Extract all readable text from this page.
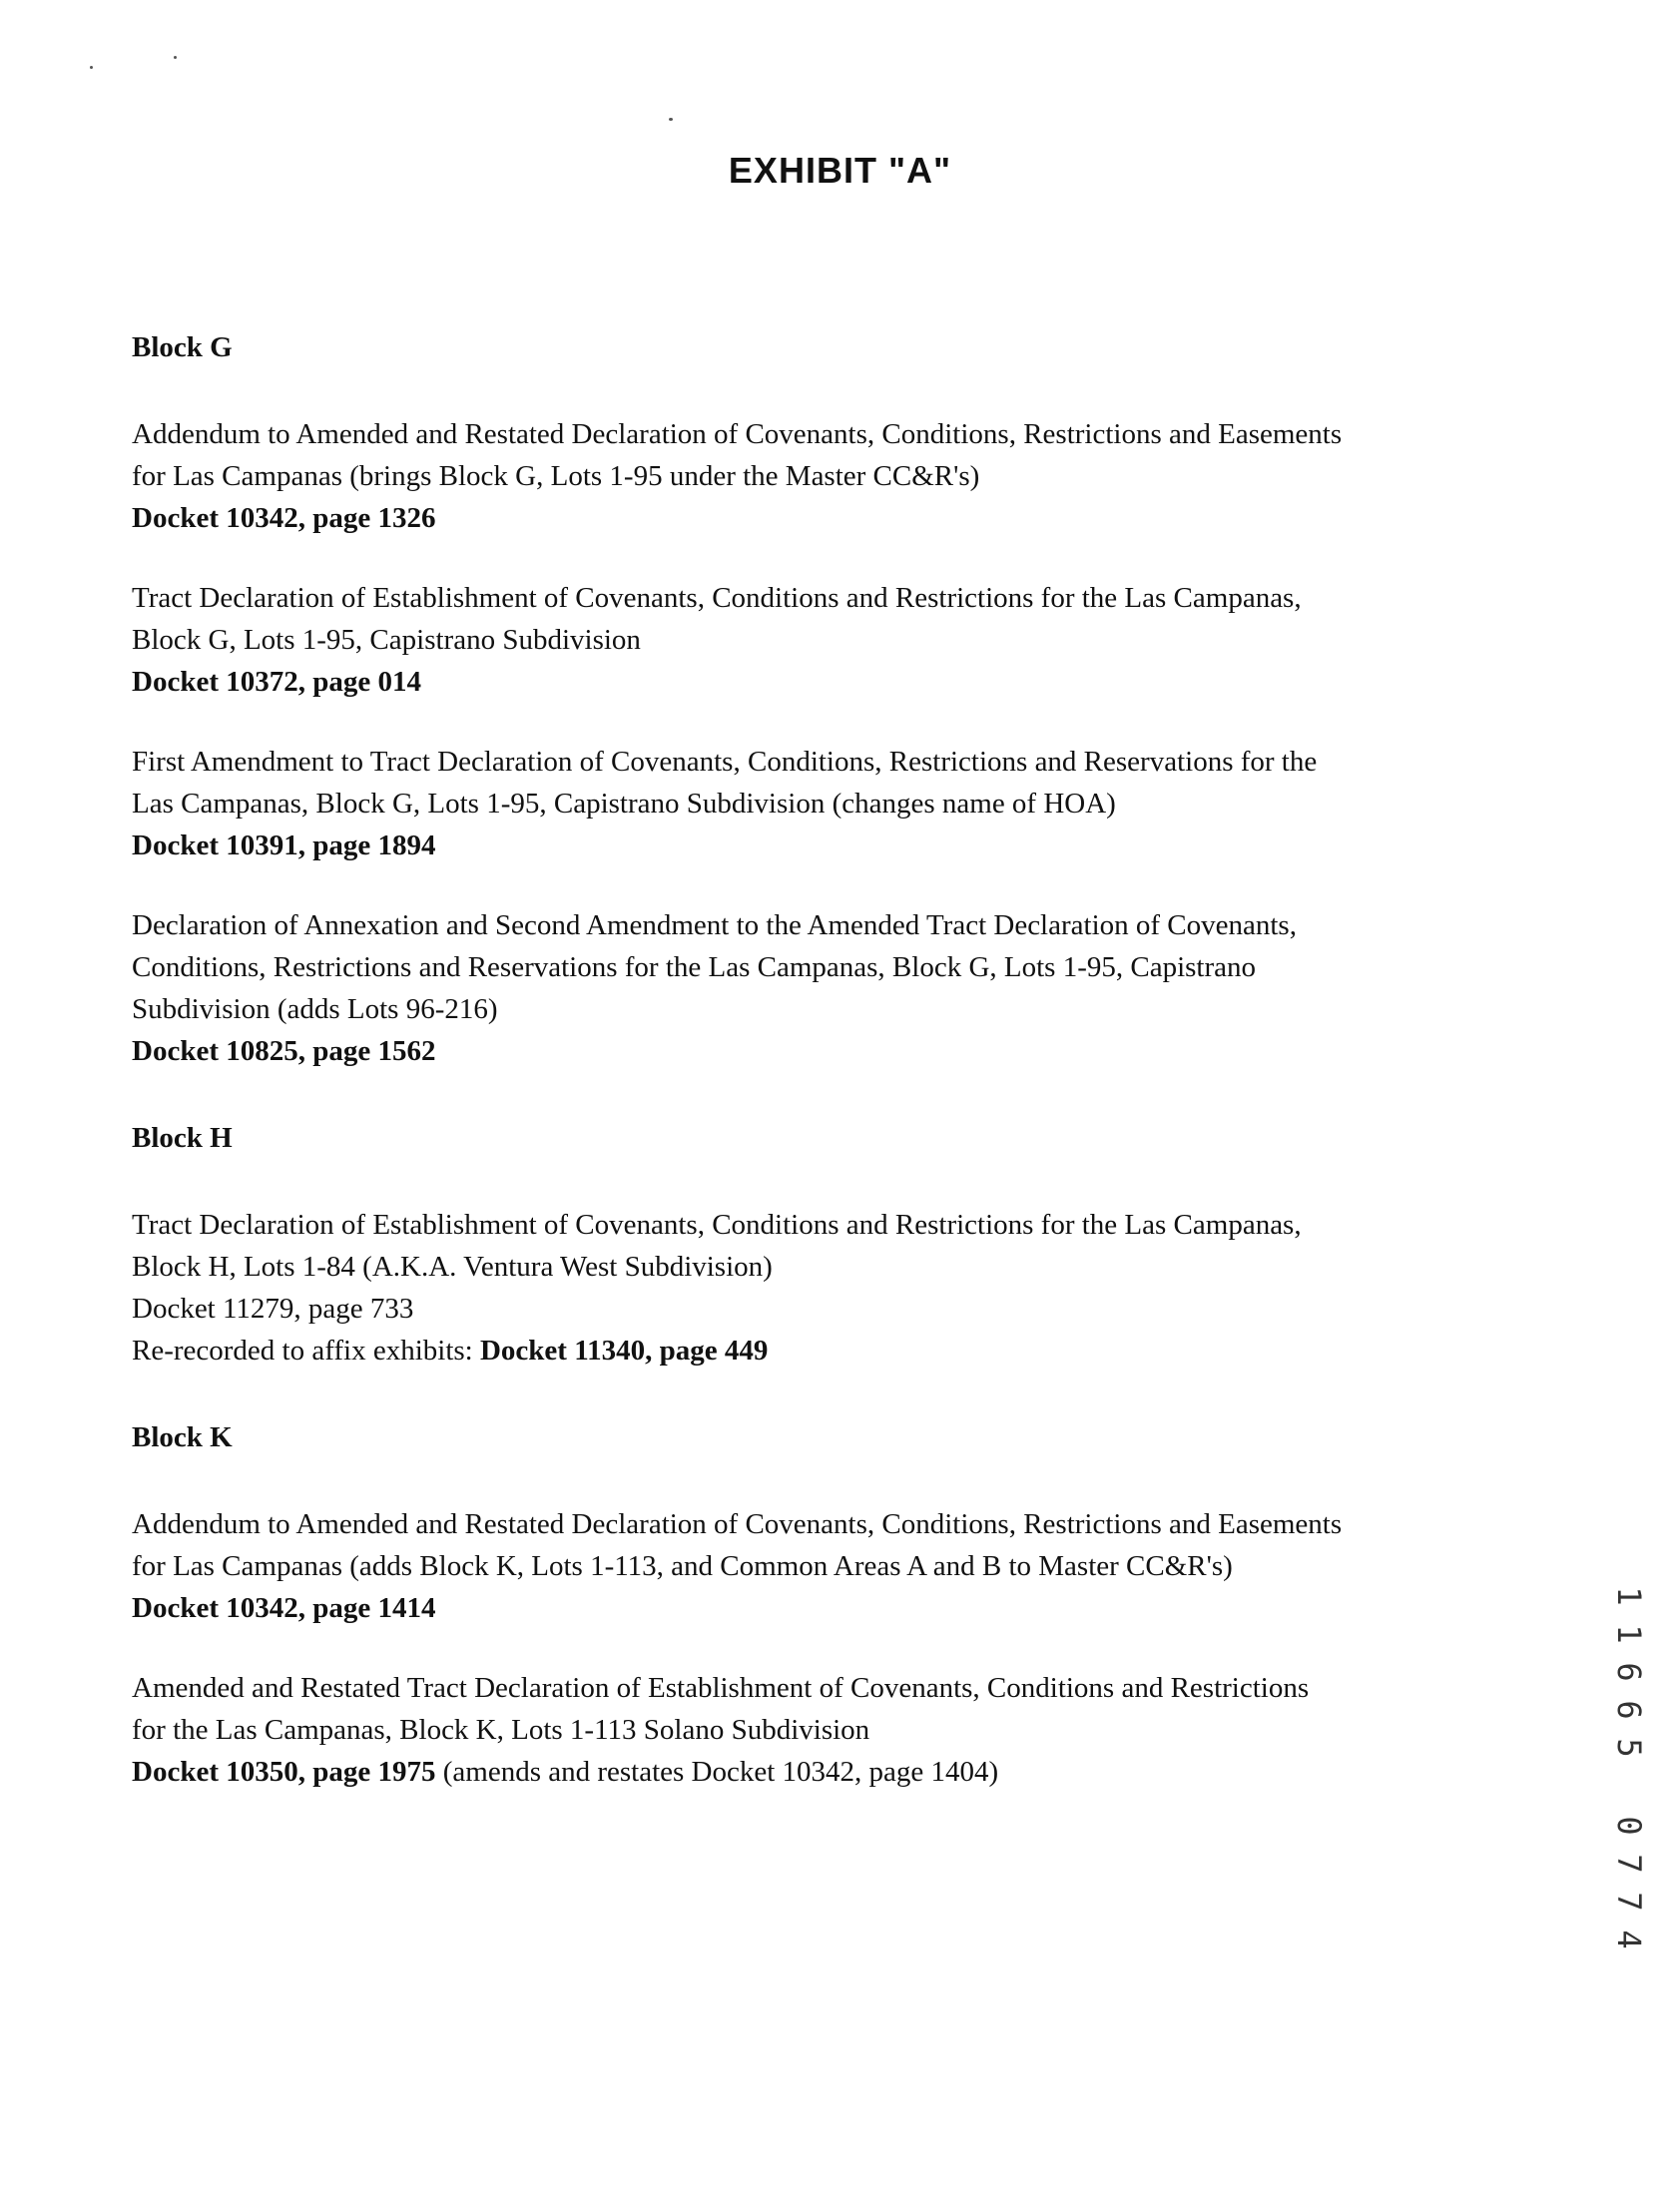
EXHIBIT "A"

Block G

Addendum to Amended and Restated Declaration of Covenants, Conditions, Restrictions and Easements

for Las Campanas (brings Block G, Lots 1-95 under the Master CC&R's)

Docket 10342, page 1326

Tract Declaration of Establishment of Covenants, Conditions and Restrictions for the Las Campanas,

Block G, Lots 1-95, Capistrano Subdivision

Docket 10372, page 014

First Amendment to Tract Declaration of Covenants, Conditions, Restrictions and Reservations for the

Las Campanas, Block G, Lots 1-95, Capistrano Subdivision (changes name of HOA)

Docket 10391, page 1894

Declaration of Annexation and Second Amendment to the Amended Tract Declaration of Covenants,

Conditions, Restrictions and Reservations for the Las Campanas, Block G, Lots 1-95, Capistrano

Subdivision (adds Lots 96-216)

Docket 10825, page 1562

Block H

Tract Declaration of Establishment of Covenants, Conditions and Restrictions for the Las Campanas,

Block H, Lots 1-84 (A.K.A. Ventura West Subdivision)

Docket 11279, page 733

Re-recorded to affix exhibits: Docket 11340, page 449

Block K

Addendum to Amended and Restated Declaration of Covenants, Conditions, Restrictions and Easements

for Las Campanas (adds Block K, Lots 1-113, and Common Areas A and B to Master CC&R's)

Docket 10342, page 1414

Amended and Restated Tract Declaration of Establishment of Covenants, Conditions and Restrictions

for the Las Campanas, Block K, Lots 1-113 Solano Subdivision

Docket 10350, page 1975 (amends and restates Docket 10342, page 1404)

1
1
6
6
5
0
7
7
4
